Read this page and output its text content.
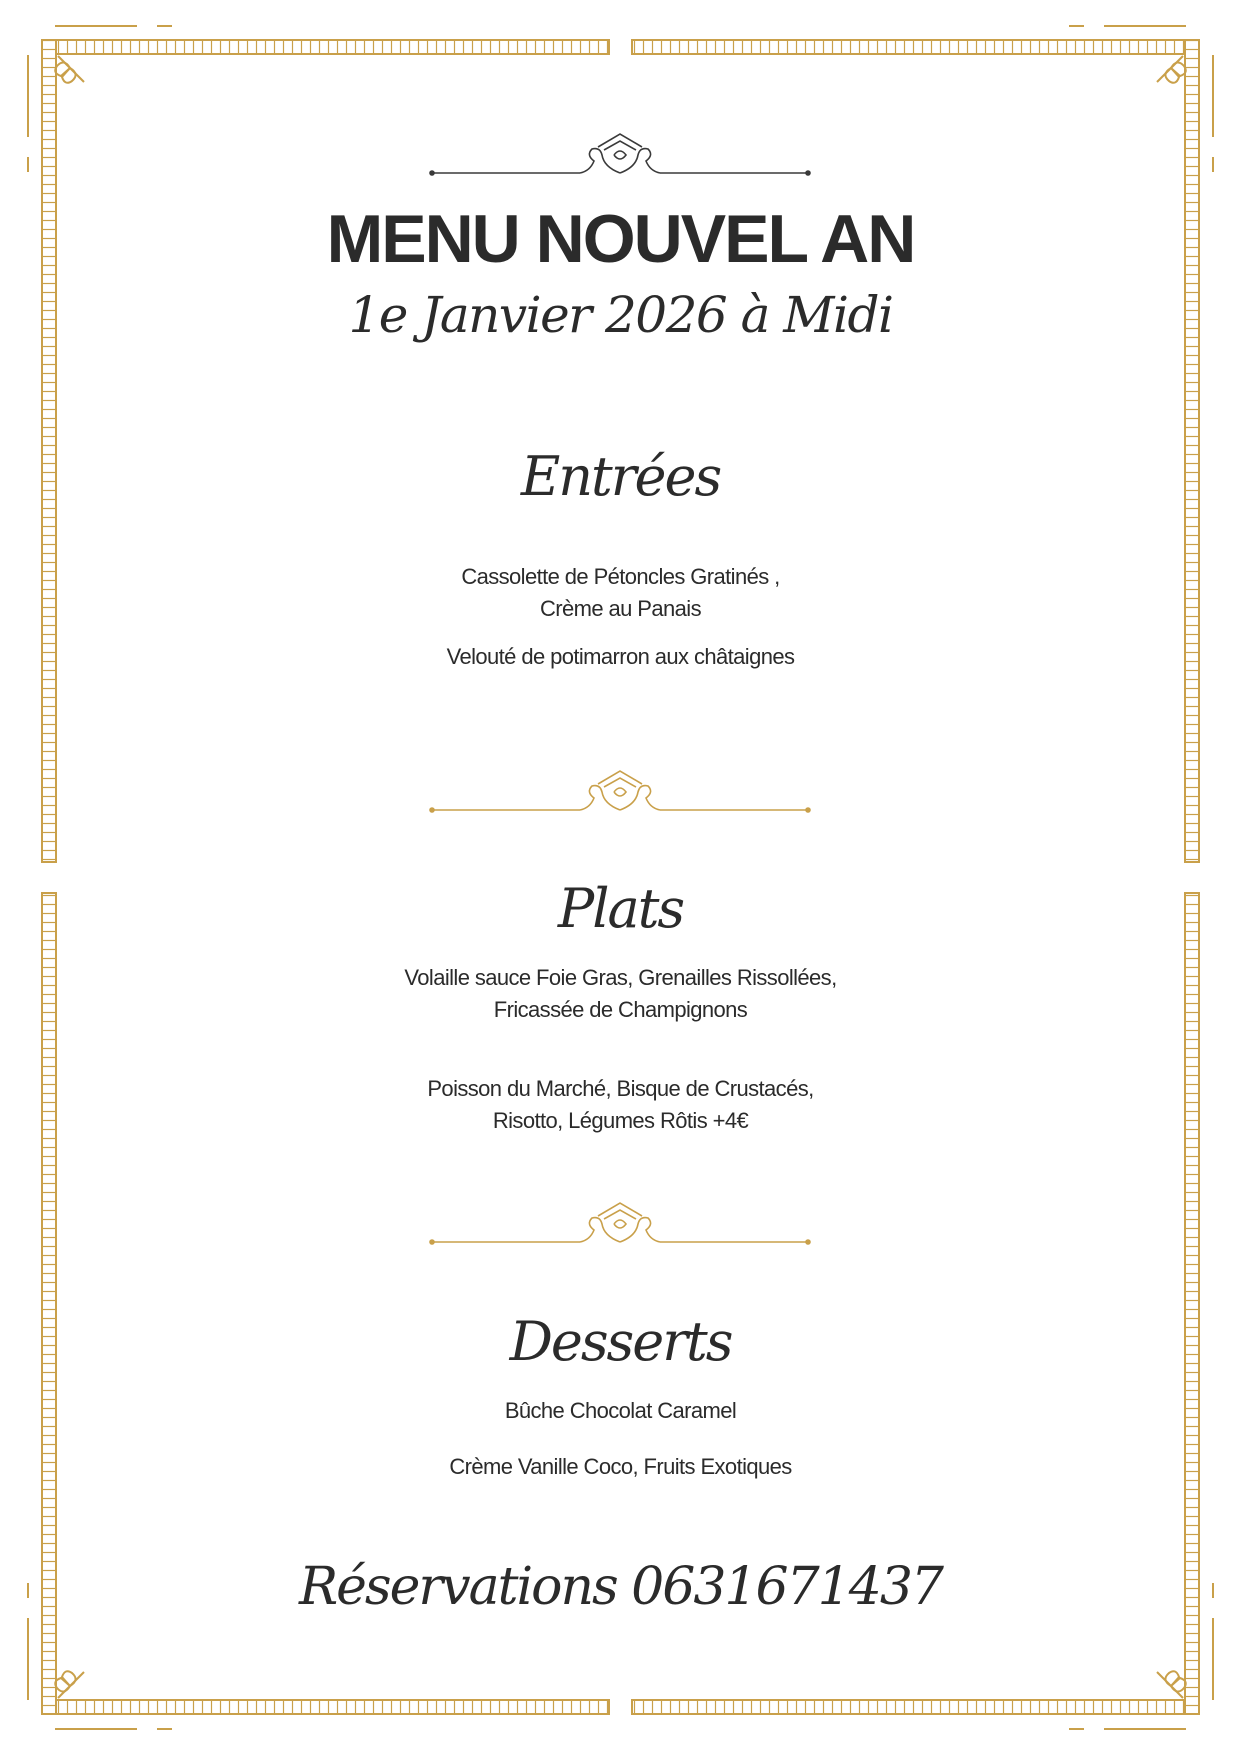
MENU NOUVEL AN
1e Janvier 2026 à Midi
Entrées
Cassolette de Pétoncles Gratinés ,
Crème au Panais
Velouté de potimarron aux châtaignes
Plats
Volaille sauce Foie Gras, Grenailles Rissollées,
Fricassée de Champignons
Poisson du Marché, Bisque de Crustacés,
Risotto, Légumes Rôtis +4€
Desserts
Bûche Chocolat Caramel
Crème Vanille Coco, Fruits Exotiques
Réservations 0631671437
